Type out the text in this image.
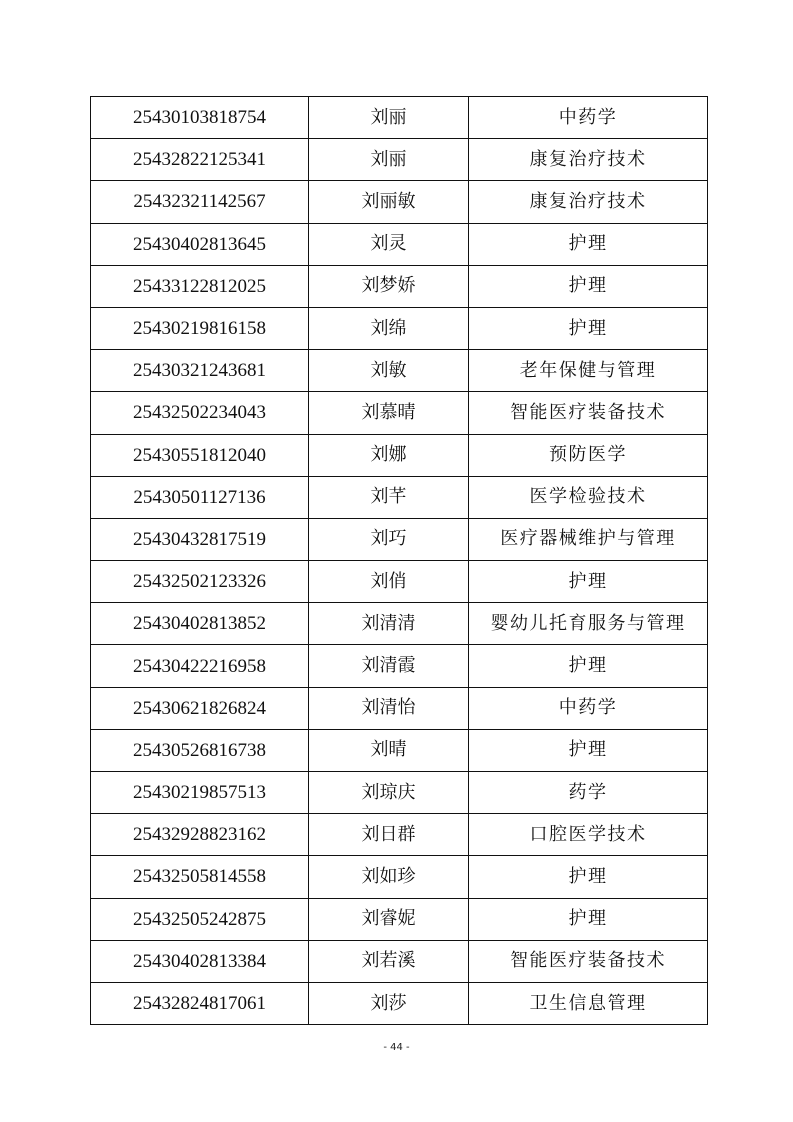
25430103818754	刘丽	中药学
25432822125341	刘丽	康复治疗技术
25432321142567	刘丽敏	康复治疗技术
25430402813645	刘灵	护理
25433122812025	刘梦娇	护理
25430219816158	刘绵	护理
25430321243681	刘敏	老年保健与管理
25432502234043	刘慕晴	智能医疗装备技术
25430551812040	刘娜	预防医学
25430501127136	刘芊	医学检验技术
25430432817519	刘巧	医疗器械维护与管理
25432502123326	刘俏	护理
25430402813852	刘清清	婴幼儿托育服务与管理
25430422216958	刘清霞	护理
25430621826824	刘清怡	中药学
25430526816738	刘晴	护理
25430219857513	刘琼庆	药学
25432928823162	刘日群	口腔医学技术
25432505814558	刘如珍	护理
25432505242875	刘睿妮	护理
25430402813384	刘若溪	智能医疗装备技术
25432824817061	刘莎	卫生信息管理
- 44 -
